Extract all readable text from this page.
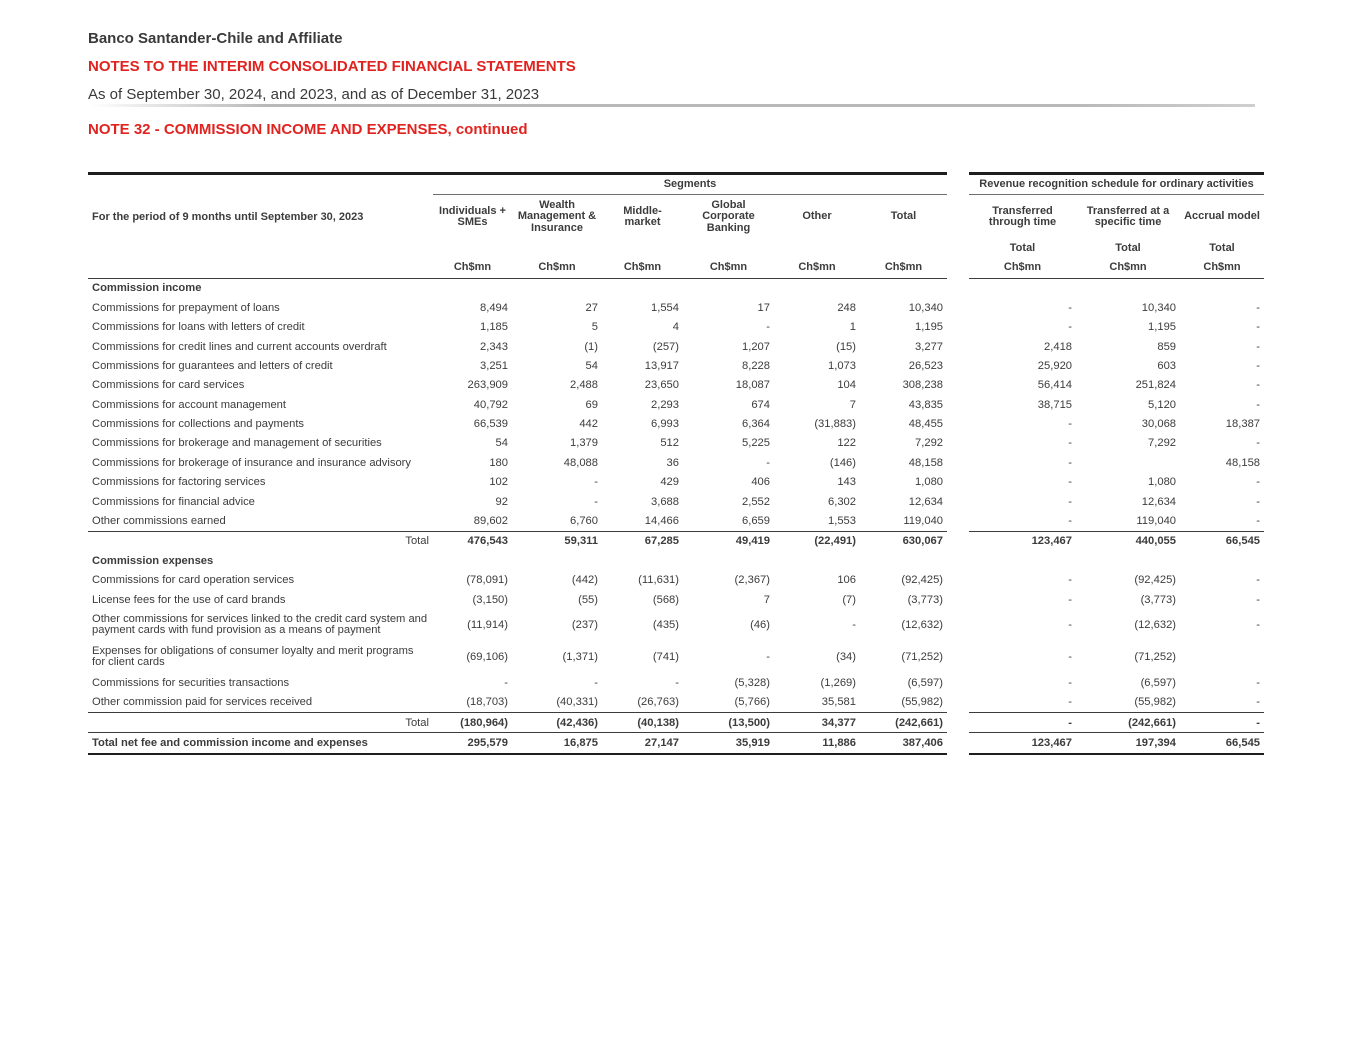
Banco Santander-Chile and Affiliate
NOTES TO THE INTERIM CONSOLIDATED FINANCIAL STATEMENTS
As of September 30, 2024, and 2023, and as of December 31, 2023
NOTE 32 - COMMISSION INCOME AND EXPENSES, continued
	Segments							Revenue recognition schedule for ordinary activities		
For the period of 9 months until September 30, 2023	Individuals + SMEs	Wealth Management & Insurance	Middle-market	Global Corporate Banking	Other	Total		Transferred through time	Transferred at a specific time	Accrual model
								Total	Total	Total
	Ch$mn	Ch$mn	Ch$mn	Ch$mn	Ch$mn	Ch$mn		Ch$mn	Ch$mn	Ch$mn
Commission income										
Commissions for prepayment of loans	8,494	27	1,554	17	248	10,340		-	10,340	-
Commissions for loans with letters of credit	1,185	5	4	-	1	1,195		-	1,195	-
Commissions for credit lines and current accounts overdraft	2,343	(1)	(257)	1,207	(15)	3,277		2,418	859	-
Commissions for guarantees and letters of credit	3,251	54	13,917	8,228	1,073	26,523		25,920	603	-
Commissions for card services	263,909	2,488	23,650	18,087	104	308,238		56,414	251,824	-
Commissions for account management	40,792	69	2,293	674	7	43,835		38,715	5,120	-
Commissions for collections and payments	66,539	442	6,993	6,364	(31,883)	48,455		-	30,068	18,387
Commissions for brokerage and management of securities	54	1,379	512	5,225	122	7,292		-	7,292	-
Commissions for brokerage of insurance and insurance advisory	180	48,088	36	-	(146)	48,158		-		48,158
Commissions for factoring services	102	-	429	406	143	1,080		-	1,080	-
Commissions for financial advice	92	-	3,688	2,552	6,302	12,634		-	12,634	-
Other commissions earned	89,602	6,760	14,466	6,659	1,553	119,040		-	119,040	-
Total	476,543	59,311	67,285	49,419	(22,491)	630,067		123,467	440,055	66,545
Commission expenses										
Commissions for card operation services	(78,091)	(442)	(11,631)	(2,367)	106	(92,425)		-	(92,425)	-
License fees for the use of card brands	(3,150)	(55)	(568)	7	(7)	(3,773)		-	(3,773)	-
Other commissions for services linked to the credit card system and payment cards with fund provision as a means of payment	(11,914)	(237)	(435)	(46)	-	(12,632)		-	(12,632)	-
Expenses for obligations of consumer loyalty and merit programs for client cards	(69,106)	(1,371)	(741)	-	(34)	(71,252)		-	(71,252)	
Commissions for securities transactions	-	-	-	(5,328)	(1,269)	(6,597)		-	(6,597)	-
Other commission paid for services received	(18,703)	(40,331)	(26,763)	(5,766)	35,581	(55,982)		-	(55,982)	-
Total	(180,964)	(42,436)	(40,138)	(13,500)	34,377	(242,661)		-	(242,661)	-
Total net fee and commission income and expenses	295,579	16,875	27,147	35,919	11,886	387,406		123,467	197,394	66,545
